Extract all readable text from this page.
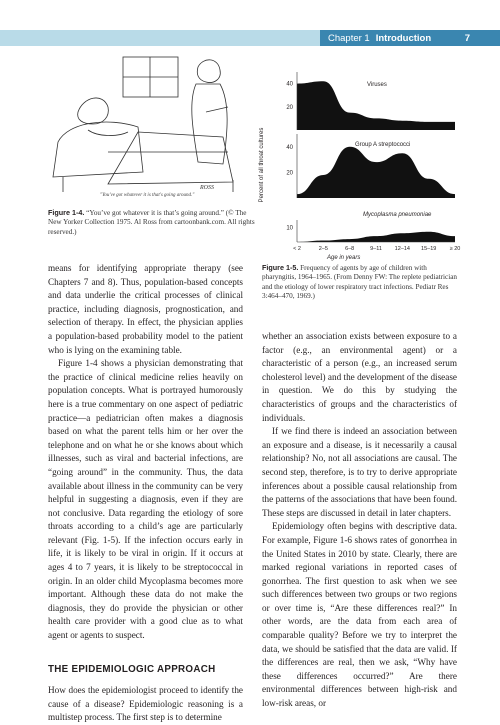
Chapter 1 Introduction	7
"You've got whatever it is that's going around."
ROSS

Figure 1-4. “You’ve got whatever it is that’s going around.” (© The New Yorker Collection 1975. Al Ross from cartoonbank.com. All rights reserved.)

Percent of all throat cultures
20
40	Viruses
20
40	Group A streptococci
10
Mycoplasma pneumoniae
< 2	2–5	6–8	9–11 12–14 15–19 ≥ 20
Age in years

Figure 1-5. Frequency of agents by age of children with pharyngitis, 1964–1965. (From Denny FW: The replete pediatrician and the etiology of lower respiratory tract infections. Pediatr Res 3:464–470, 1969.)

means for identifying appropriate therapy (see Chapters 7 and 8). Thus, population-based concepts and data underlie the critical processes of clinical practice, including diagnosis, prognostication, and selection of therapy. In effect, the physician applies a population-based probability model to the patient who is lying on the examining table.

Figure 1-4 shows a physician demonstrating that the practice of clinical medicine relies heavily on population concepts. What is portrayed humorously here is a true commentary on one aspect of pediatric practice—a pediatrician often makes a diagnosis based on what the parent tells him or her over the telephone and on what he or she knows about which illnesses, such as viral and bacterial infections, are “going around” in the community. Thus, the data available about illness in the community can be very helpful in suggesting a diagnosis, even if they are not conclusive. Data regarding the etiology of sore throats according to a child’s age are particularly relevant (Fig. 1-5). If the infection occurs early in life, it is likely to be viral in origin. If it occurs at ages 4 to 7 years, it is likely to be streptococcal in origin. In an older child Mycoplasma becomes more important. Although these data do not make the diagnosis, they do provide the physician or other health care provider with a good clue as to what agent or agents to suspect.

THE EPIDEMIOLOGIC APPROACH

How does the epidemiologist proceed to identify the cause of a disease? Epidemiologic reasoning is a multistep process. The first step is to determine

whether an association exists between exposure to a factor (e.g., an environmental agent) or a characteristic of a person (e.g., an increased serum cholesterol level) and the development of the disease in question. We do this by studying the characteristics of groups and the characteristics of individuals.

If we find there is indeed an association between an exposure and a disease, is it necessarily a causal relationship? No, not all associations are causal. The second step, therefore, is to try to derive appropriate inferences about a possible causal relationship from the patterns of the associations that have been found. These steps are discussed in detail in later chapters.

Epidemiology often begins with descriptive data. For example, Figure 1-6 shows rates of gonorrhea in the United States in 2010 by state. Clearly, there are marked regional variations in reported cases of gonorrhea. The first question to ask when we see such differences between two groups or two regions or over time is, “Are these differences real?” In other words, are the data from each area of comparable quality? Before we try to interpret the data, we should be satisfied that the data are valid. If the differences are real, then we ask, “Why have these differences occurred?” Are there environmental differences between high-risk and low-risk areas, or
